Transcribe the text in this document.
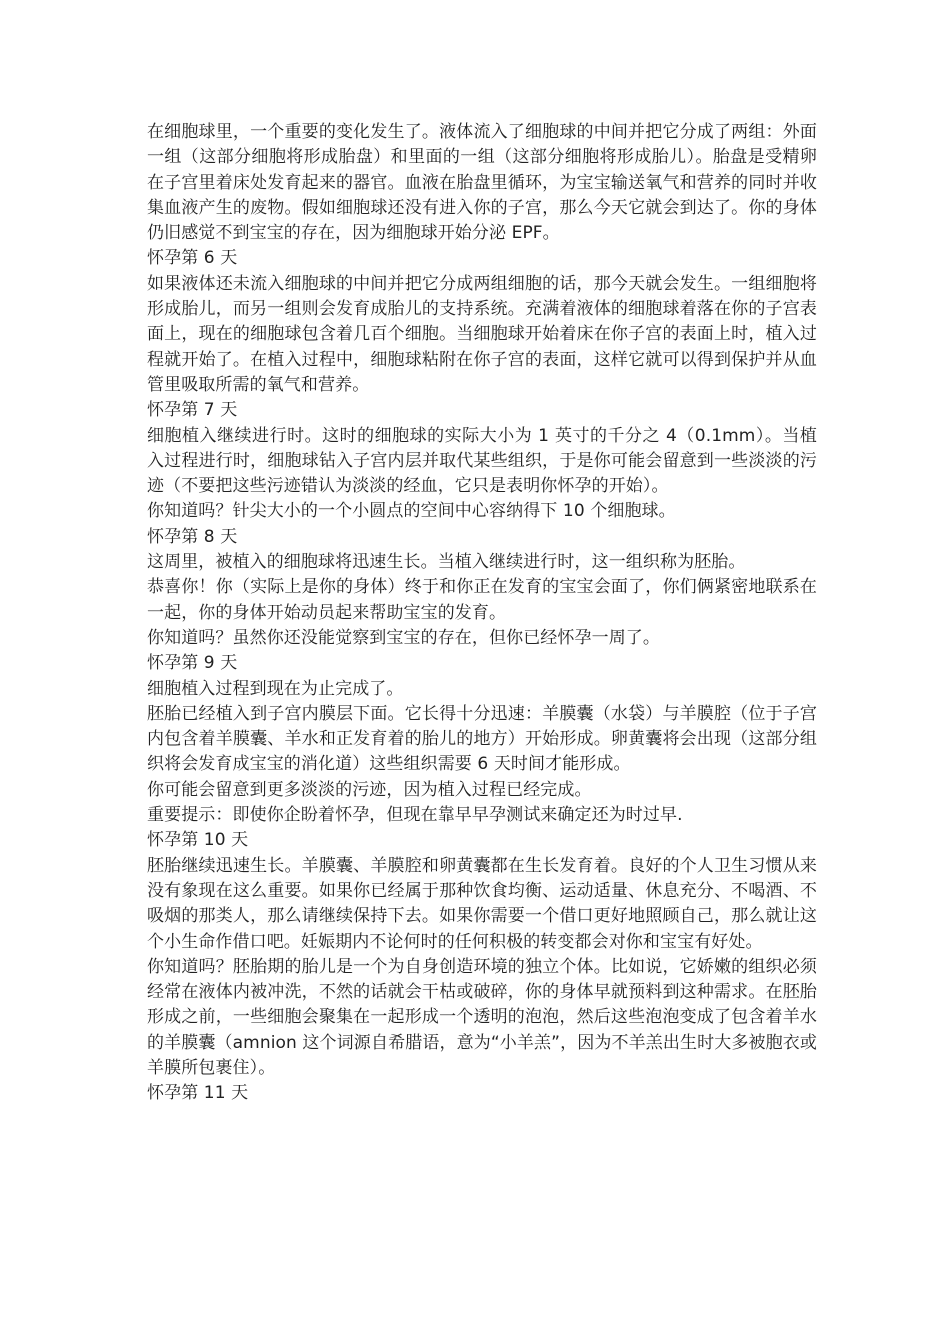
在细胞球里，一个重要的变化发生了。液体流入了细胞球的中间并把它分成了两组：外面一组（这部分细胞将形成胎盘）和里面的一组（这部分细胞将形成胎儿）。胎盘是受精卵在子宫里着床处发育起来的器官。血液在胎盘里循环，为宝宝输送氧气和营养的同时并收集血液产生的废物。假如细胞球还没有进入你的子宫，那么今天它就会到达了。你的身体仍旧感觉不到宝宝的存在，因为细胞球开始分泌 EPF。

怀孕第 6 天

如果液体还未流入细胞球的中间并把它分成两组细胞的话，那今天就会发生。一组细胞将形成胎儿，而另一组则会发育成胎儿的支持系统。充满着液体的细胞球着落在你的子宫表面上，现在的细胞球包含着几百个细胞。当细胞球开始着床在你子宫的表面上时，植入过程就开始了。在植入过程中，细胞球粘附在你子宫的表面，这样它就可以得到保护并从血管里吸取所需的氧气和营养。

怀孕第 7 天

细胞植入继续进行时。这时的细胞球的实际大小为 1 英寸的千分之 4（0.1mm）。当植入过程进行时，细胞球钻入子宫内层并取代某些组织，于是你可能会留意到一些淡淡的污迹（不要把这些污迹错认为淡淡的经血，它只是表明你怀孕的开始）。

你知道吗？针尖大小的一个小圆点的空间中心容纳得下 10 个细胞球。

怀孕第 8 天

这周里，被植入的细胞球将迅速生长。当植入继续进行时，这一组织称为胚胎。

恭喜你！你（实际上是你的身体）终于和你正在发育的宝宝会面了，你们俩紧密地联系在一起，你的身体开始动员起来帮助宝宝的发育。

你知道吗？虽然你还没能觉察到宝宝的存在，但你已经怀孕一周了。

怀孕第 9 天

细胞植入过程到现在为止完成了。

胚胎已经植入到子宫内膜层下面。它长得十分迅速：羊膜囊（水袋）与羊膜腔（位于子宫内包含着羊膜囊、羊水和正发育着的胎儿的地方）开始形成。卵黄囊将会出现（这部分组织将会发育成宝宝的消化道）这些组织需要 6 天时间才能形成。

你可能会留意到更多淡淡的污迹，因为植入过程已经完成。

重要提示：即使你企盼着怀孕，但现在靠早早孕测试来确定还为时过早.

怀孕第 10 天

胚胎继续迅速生长。羊膜囊、羊膜腔和卵黄囊都在生长发育着。良好的个人卫生习惯从来没有象现在这么重要。如果你已经属于那种饮食均衡、运动适量、休息充分、不喝酒、不吸烟的那类人，那么请继续保持下去。如果你需要一个借口更好地照顾自己，那么就让这个小生命作借口吧。妊娠期内不论何时的任何积极的转变都会对你和宝宝有好处。

你知道吗？胚胎期的胎儿是一个为自身创造环境的独立个体。比如说，它娇嫩的组织必须经常在液体内被冲洗，不然的话就会干枯或破碎，你的身体早就预料到这种需求。在胚胎形成之前，一些细胞会聚集在一起形成一个透明的泡泡，然后这些泡泡变成了包含着羊水的羊膜囊（amnion 这个词源自希腊语，意为“小羊羔”，因为不羊羔出生时大多被胞衣或羊膜所包裹住）。

怀孕第 11 天
